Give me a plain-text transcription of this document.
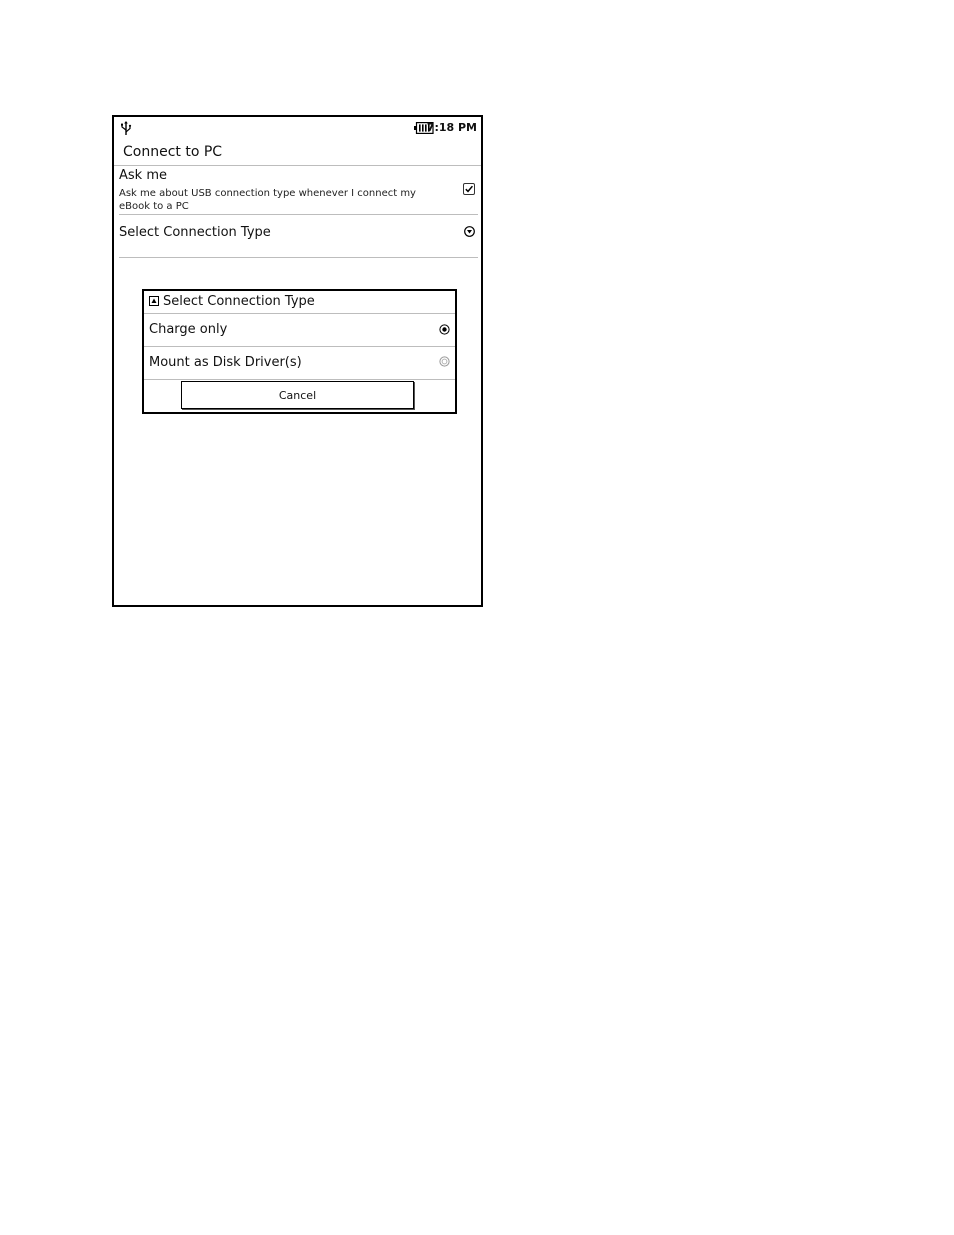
7:18 PM
Connect to PC
Ask me
Ask me about USB connection type whenever I connect my eBook to a PC
Select Connection Type
Select Connection Type
Charge only
Mount as Disk Driver(s)
Cancel
